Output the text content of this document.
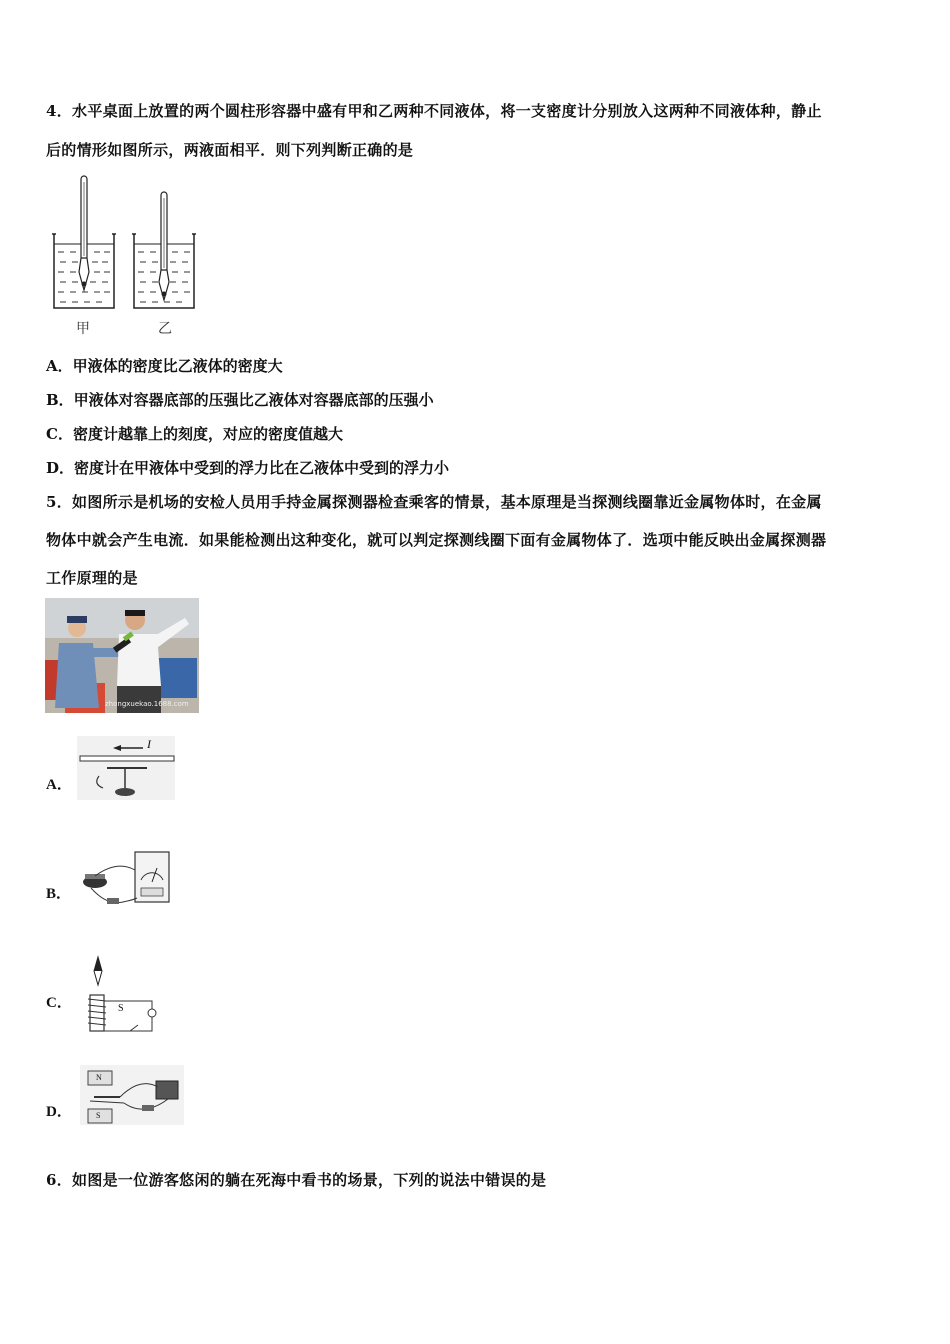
4．水平桌面上放置的两个圆柱形容器中盛有甲和乙两种不同液体，将一支密度计分别放入这两种不同液体种，静止
后的情形如图所示，两液面相平．则下列判断正确的是
甲	乙
A．甲液体的密度比乙液体的密度大
B．甲液体对容器底部的压强比乙液体对容器底部的压强小
C．密度计越靠上的刻度，对应的密度值越大
D．密度计在甲液体中受到的浮力比在乙液体中受到的浮力小
5．如图所示是机场的安检人员用手持金属探测器检查乘客的情景，基本原理是当探测线圈靠近金属物体时，在金属
物体中就会产生电流．如果能检测出这种变化，就可以判定探测线圈下面有金属物体了．选项中能反映出金属探测器
工作原理的是
zhongxuekao.1688.com
A．
I
B．
C．	S
D．
N
S
6．如图是一位游客悠闲的躺在死海中看书的场景，下列的说法中错误的是
